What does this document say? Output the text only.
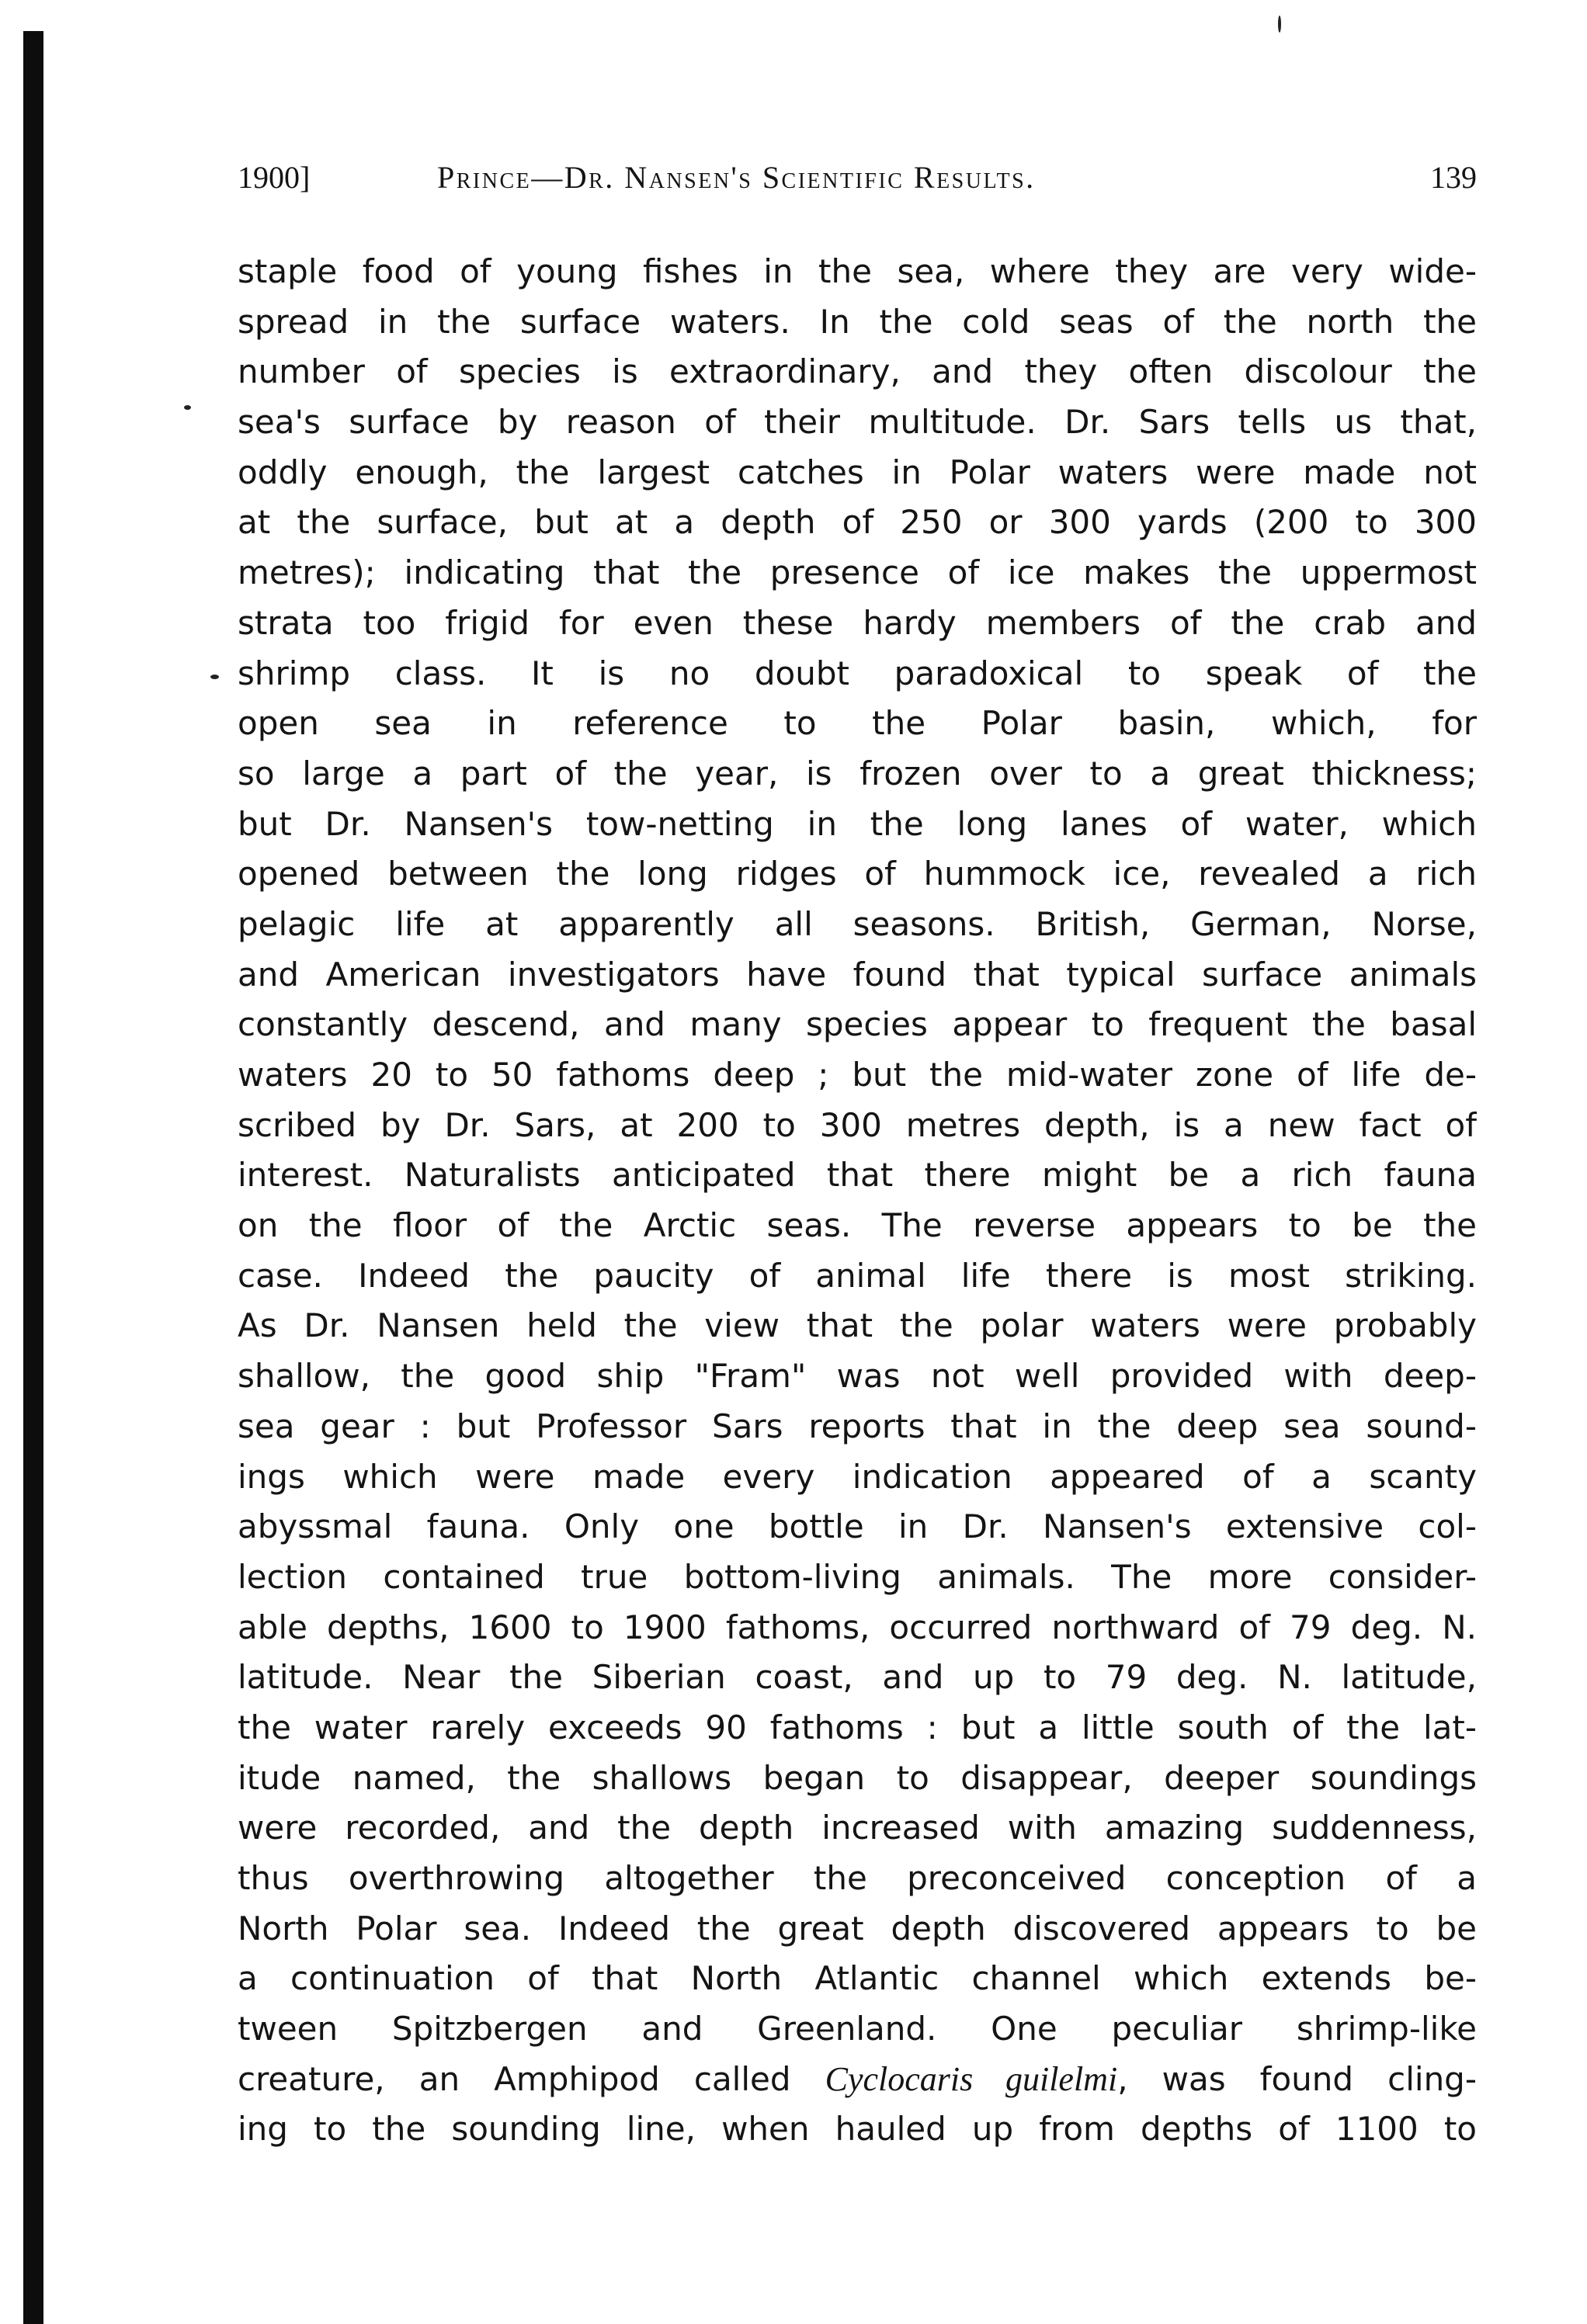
1900]	Prince—Dr. Nansen's Scientific Results.	139
staple food of young fishes in the sea, where they are very wide-
spread in the surface waters. In the cold seas of the north the
number of species is extraordinary, and they often discolour the
sea's surface by reason of their multitude. Dr. Sars tells us that,
oddly enough, the largest catches in Polar waters were made not
at the surface, but at a depth of 250 or 300 yards (200 to 300
metres); indicating that the presence of ice makes the uppermost
strata too frigid for even these hardy members of the crab and
shrimp class. It is no doubt paradoxical to speak of the
open sea in reference to the Polar basin, which, for
so large a part of the year, is frozen over to a great thickness;
but Dr. Nansen's tow-netting in the long lanes of water, which
opened between the long ridges of hummock ice, revealed a rich
pelagic life at apparently all seasons. British, German, Norse,
and American investigators have found that typical surface animals
constantly descend, and many species appear to frequent the basal
waters 20 to 50 fathoms deep ; but the mid-water zone of life de-
scribed by Dr. Sars, at 200 to 300 metres depth, is a new fact of
interest. Naturalists anticipated that there might be a rich fauna
on the floor of the Arctic seas. The reverse appears to be the
case. Indeed the paucity of animal life there is most striking.
As Dr. Nansen held the view that the polar waters were probably
shallow, the good ship "Fram" was not well provided with deep-
sea gear : but Professor Sars reports that in the deep sea sound-
ings which were made every indication appeared of a scanty
abyssmal fauna. Only one bottle in Dr. Nansen's extensive col-
lection contained true bottom-living animals. The more consider-
able depths, 1600 to 1900 fathoms, occurred northward of 79 deg. N.
latitude. Near the Siberian coast, and up to 79 deg. N. latitude,
the water rarely exceeds 90 fathoms : but a little south of the lat-
itude named, the shallows began to disappear, deeper soundings
were recorded, and the depth increased with amazing suddenness,
thus overthrowing altogether the preconceived conception of a
North Polar sea. Indeed the great depth discovered appears to be
a continuation of that North Atlantic channel which extends be-
tween Spitzbergen and Greenland. One peculiar shrimp-like
creature, an Amphipod called Cyclocaris guilelmi, was found cling-
ing to the sounding line, when hauled up from depths of 1100 to
